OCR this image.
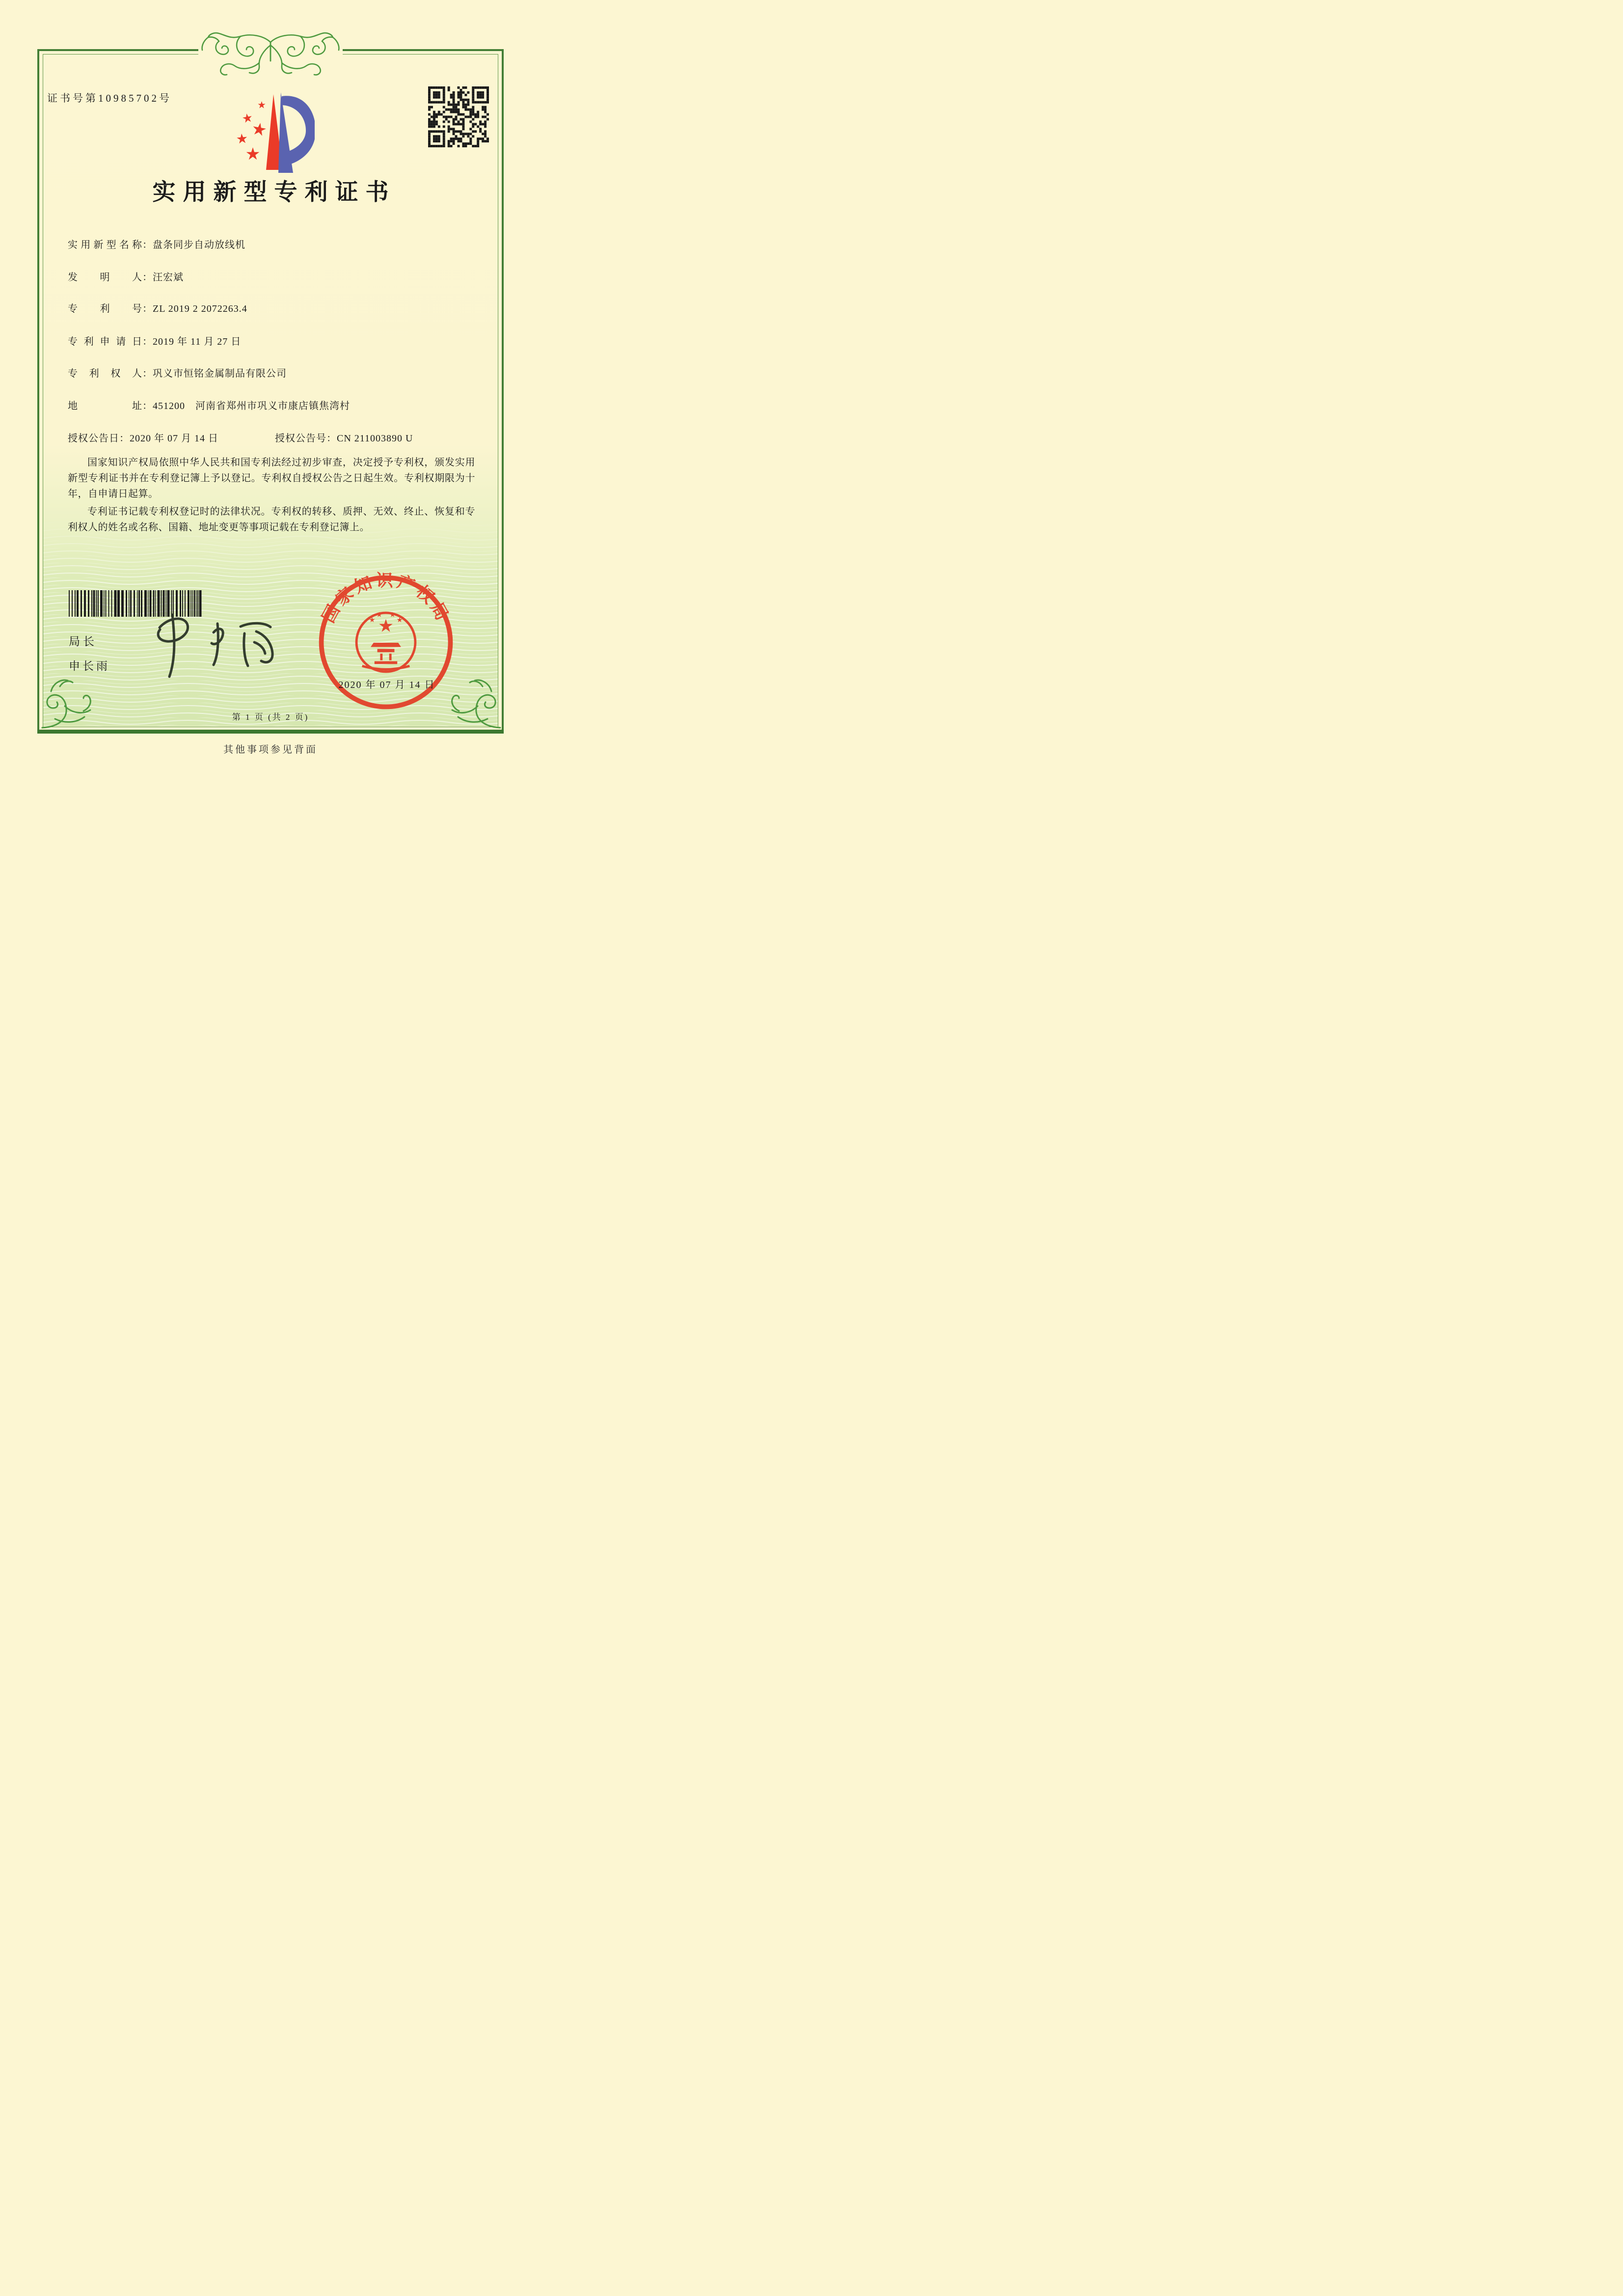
证书号第10985702号
实用新型专利证书
实用新型名称：盘条同步自动放线机
发明人：汪宏斌
专利号：ZL 2019 2 2072263.4
专利申请日：2019 年 11 月 27 日
专利权人：巩义市恒铭金属制品有限公司
地址：451200　河南省郑州市巩义市康店镇焦湾村
授权公告日：2020 年 07 月 14 日	授权公告号：CN 211003890 U

国家知识产权局依照中华人民共和国专利法经过初步审查，决定授予专利权，颁发实用新型专利证书并在专利登记簿上予以登记。专利权自授权公告之日起生效。专利权期限为十年，自申请日起算。

专利证书记载专利权登记时的法律状况。专利权的转移、质押、无效、终止、恢复和专利权人的姓名或名称、国籍、地址变更等事项记载在专利登记簿上。

局长
申长雨
国家知识产权局
2020 年 07 月 14 日
第 1 页 (共 2 页)
其他事项参见背面
